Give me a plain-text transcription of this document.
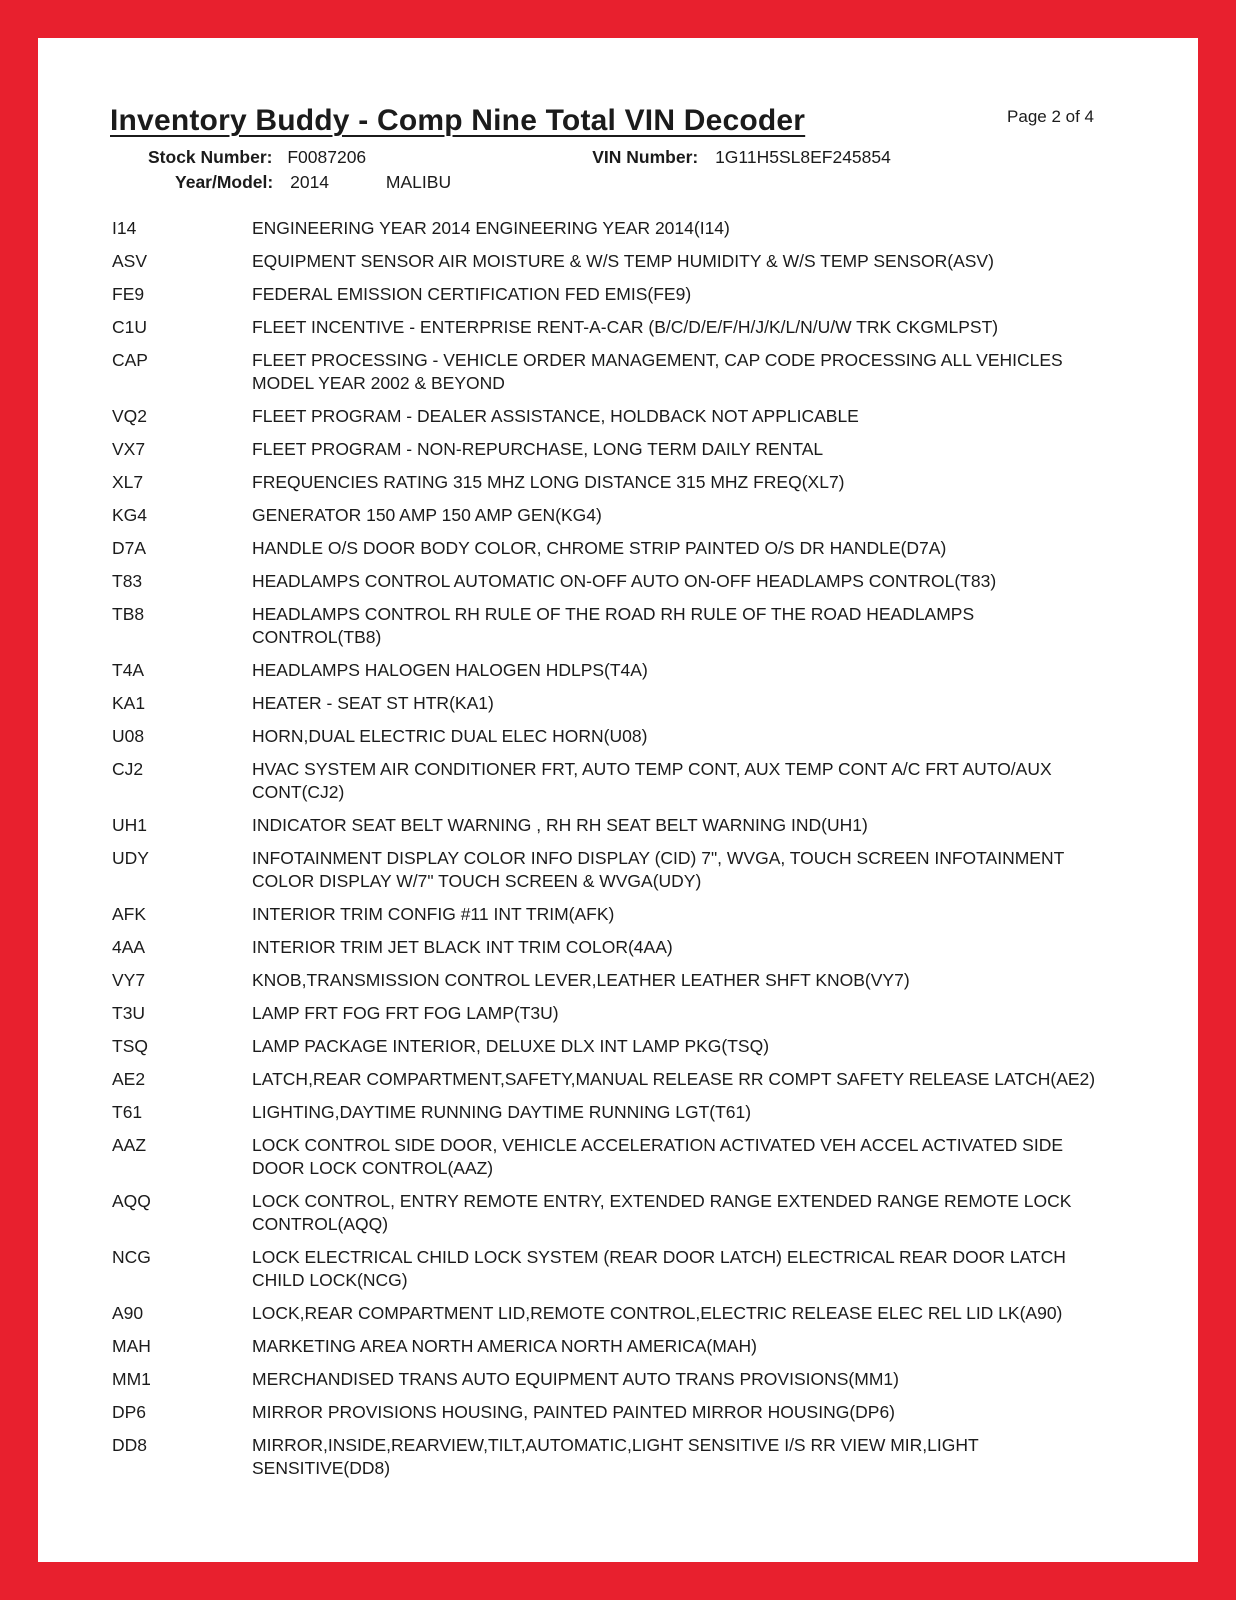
Inventory Buddy - Comp Nine Total VIN Decoder	Page 2 of 4
Stock Number: F0087206	VIN Number: 1G11H5SL8EF245854
Year/Model: 2014	MALIBU
I14	ENGINEERING YEAR 2014 ENGINEERING YEAR 2014(I14)
ASV	EQUIPMENT SENSOR AIR MOISTURE & W/S TEMP HUMIDITY & W/S TEMP SENSOR(ASV)
FE9	FEDERAL EMISSION CERTIFICATION FED EMIS(FE9)
C1U	FLEET INCENTIVE - ENTERPRISE RENT-A-CAR (B/C/D/E/F/H/J/K/L/N/U/W TRK CKGMLPST)
CAP	FLEET PROCESSING - VEHICLE ORDER MANAGEMENT, CAP CODE PROCESSING ALL VEHICLES MODEL YEAR 2002 & BEYOND
VQ2	FLEET PROGRAM - DEALER ASSISTANCE, HOLDBACK NOT APPLICABLE
VX7	FLEET PROGRAM - NON-REPURCHASE, LONG TERM DAILY RENTAL
XL7	FREQUENCIES RATING 315 MHZ LONG DISTANCE 315 MHZ FREQ(XL7)
KG4	GENERATOR 150 AMP 150 AMP GEN(KG4)
D7A	HANDLE O/S DOOR BODY COLOR, CHROME STRIP PAINTED O/S DR HANDLE(D7A)
T83	HEADLAMPS CONTROL AUTOMATIC ON-OFF AUTO ON-OFF HEADLAMPS CONTROL(T83)
TB8	HEADLAMPS CONTROL RH RULE OF THE ROAD RH RULE OF THE ROAD HEADLAMPS CONTROL(TB8)
T4A	HEADLAMPS HALOGEN HALOGEN HDLPS(T4A)
KA1	HEATER - SEAT ST HTR(KA1)
U08	HORN,DUAL ELECTRIC DUAL ELEC HORN(U08)
CJ2	HVAC SYSTEM AIR CONDITIONER FRT, AUTO TEMP CONT, AUX TEMP CONT A/C FRT AUTO/AUX CONT(CJ2)
UH1	INDICATOR SEAT BELT WARNING , RH RH SEAT BELT WARNING IND(UH1)
UDY	INFOTAINMENT DISPLAY COLOR INFO DISPLAY (CID) 7", WVGA, TOUCH SCREEN INFOTAINMENT COLOR DISPLAY W/7" TOUCH SCREEN & WVGA(UDY)
AFK	INTERIOR TRIM CONFIG #11 INT TRIM(AFK)
4AA	INTERIOR TRIM JET BLACK INT TRIM COLOR(4AA)
VY7	KNOB,TRANSMISSION CONTROL LEVER,LEATHER LEATHER SHFT KNOB(VY7)
T3U	LAMP FRT FOG FRT FOG LAMP(T3U)
TSQ	LAMP PACKAGE INTERIOR, DELUXE DLX INT LAMP PKG(TSQ)
AE2	LATCH,REAR COMPARTMENT,SAFETY,MANUAL RELEASE RR COMPT SAFETY RELEASE LATCH(AE2)
T61	LIGHTING,DAYTIME RUNNING DAYTIME RUNNING LGT(T61)
AAZ	LOCK CONTROL SIDE DOOR, VEHICLE ACCELERATION ACTIVATED VEH ACCEL ACTIVATED SIDE DOOR LOCK CONTROL(AAZ)
AQQ	LOCK CONTROL, ENTRY REMOTE ENTRY, EXTENDED RANGE EXTENDED RANGE REMOTE LOCK CONTROL(AQQ)
NCG	LOCK ELECTRICAL CHILD LOCK SYSTEM (REAR DOOR LATCH) ELECTRICAL REAR DOOR LATCH CHILD LOCK(NCG)
A90	LOCK,REAR COMPARTMENT LID,REMOTE CONTROL,ELECTRIC RELEASE ELEC REL LID LK(A90)
MAH	MARKETING AREA NORTH AMERICA NORTH AMERICA(MAH)
MM1	MERCHANDISED TRANS AUTO EQUIPMENT AUTO TRANS PROVISIONS(MM1)
DP6	MIRROR PROVISIONS HOUSING, PAINTED PAINTED MIRROR HOUSING(DP6)
DD8	MIRROR,INSIDE,REARVIEW,TILT,AUTOMATIC,LIGHT SENSITIVE I/S RR VIEW MIR,LIGHT SENSITIVE(DD8)
